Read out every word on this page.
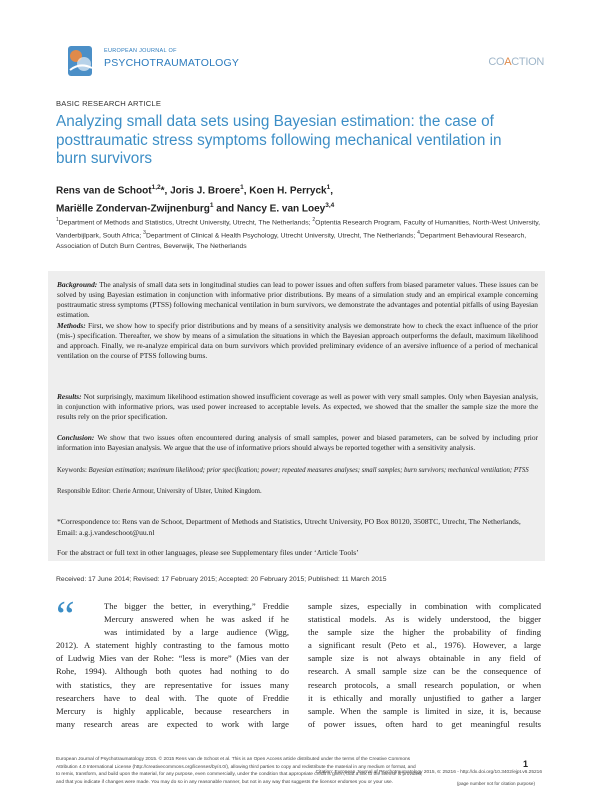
EUROPEAN JOURNAL OF
PSYCHOTRAUMATOLOGY	COACTION
BASIC RESEARCH ARTICLE
Analyzing small data sets using Bayesian estimation: the case of posttraumatic stress symptoms following mechanical ventilation in burn survivors
Rens van de Schoot$^{1,2}$*, Joris J. Broere$^1$, Koen H. Perryck$^1$,
Mariëlle Zondervan-Zwijnenburg$^1$ and Nancy E. van Loey$^{3,4}$
$^1$Department of Methods and Statistics, Utrecht University, Utrecht, The Netherlands; $^2$Optentia Research Program, Faculty of Humanities, North-West University, Vanderbijlpark, South Africa; $^3$Department of Clinical & Health Psychology, Utrecht University, Utrecht, The Netherlands; $^4$Department Behavioural Research, Association of Dutch Burn Centres, Beverwijk, The Netherlands

Background: The analysis of small data sets in longitudinal studies can lead to power issues and often suffers from biased parameter values. These issues can be solved by using Bayesian estimation in conjunction with informative prior distributions. By means of a simulation study and an empirical example concerning posttraumatic stress symptoms (PTSS) following mechanical ventilation in burn survivors, we demonstrate the advantages and potential pitfalls of using Bayesian estimation.

Methods: First, we show how to specify prior distributions and by means of a sensitivity analysis we demonstrate how to check the exact influence of the prior (mis-) specification. Thereafter, we show by means of a simulation the situations in which the Bayesian approach outperforms the default, maximum likelihood and approach. Finally, we re-analyze empirical data on burn survivors which provided preliminary evidence of an aversive influence of a period of mechanical ventilation on the course of PTSS following burns.

Results: Not surprisingly, maximum likelihood estimation showed insufficient coverage as well as power with very small samples. Only when Bayesian analysis, in conjunction with informative priors, was used power increased to acceptable levels. As expected, we showed that the smaller the sample size the more the results rely on the prior specification.

Conclusion: We show that two issues often encountered during analysis of small samples, power and biased parameters, can be solved by including prior information into Bayesian analysis. We argue that the use of informative priors should always be reported together with a sensitivity analysis.

Keywords: Bayesian estimation; maximum likelihood; prior specification; power; repeated measures analyses; small samples; burn survivors; mechanical ventilation; PTSS

Responsible Editor: Cherie Armour, University of Ulster, United Kingdom.

*Correspondence to: Rens van de Schoot, Department of Methods and Statistics, Utrecht University, PO Box 80120, 3508TC, Utrecht, The Netherlands, Email: a.g.j.vandeschoot@uu.nl

For the abstract or full text in other languages, please see Supplementary files under ‘Article Tools’

Received: 17 June 2014; Revised: 17 February 2015; Accepted: 20 February 2015; Published: 11 March 2015
“	The bigger the better, in everything,” Freddie
Mercury answered when he was asked if he
was intimidated by a large audience (Wigg,
2012). A statement highly contrasting to the famous motto
of Ludwig Mies van der Rohe: “less is more” (Mies van der
Rohe, 1994). Although both quotes had nothing to do
with statistics, they are representative for issues many
researchers have to deal with. The quote of Freddie
Mercury is highly applicable, because researchers in
many research areas are expected to work with large
sample sizes, especially in combination with complicated
statistical models. As is widely understood, the bigger
the sample size the higher the probability of finding
a significant result (Peto et al., 1976). However, a large
sample size is not always obtainable in any field of
research. A small sample size can be the consequence of
research protocols, a small research population, or when
it is ethically and morally unjustified to gather a larger
sample. When the sample is limited in size, it is, because
of power issues, often hard to get meaningful results
European Journal of Psychotraumatology 2015. © 2015 Rens van de Schoot et al. This is an Open Access article distributed under the terms of the Creative Commons
Attribution 4.0 International License (http://creativecommons.org/licenses/by/4.0/), allowing third parties to copy and redistribute the material in any medium or format, and
to remix, transform, and build upon the material, for any purpose, even commercially, under the condition that appropriate credit is given, that a link to the license is provided,
and that you indicate if changes were made. You may do so in any reasonable manner, but not in any way that suggests the licensor endorses you or your use.
1
Citation: European Journal of Psychotraumatology 2015, 6: 25216 - http://dx.doi.org/10.3402/ejpt.v6.25216
(page number not for citation purpose)
